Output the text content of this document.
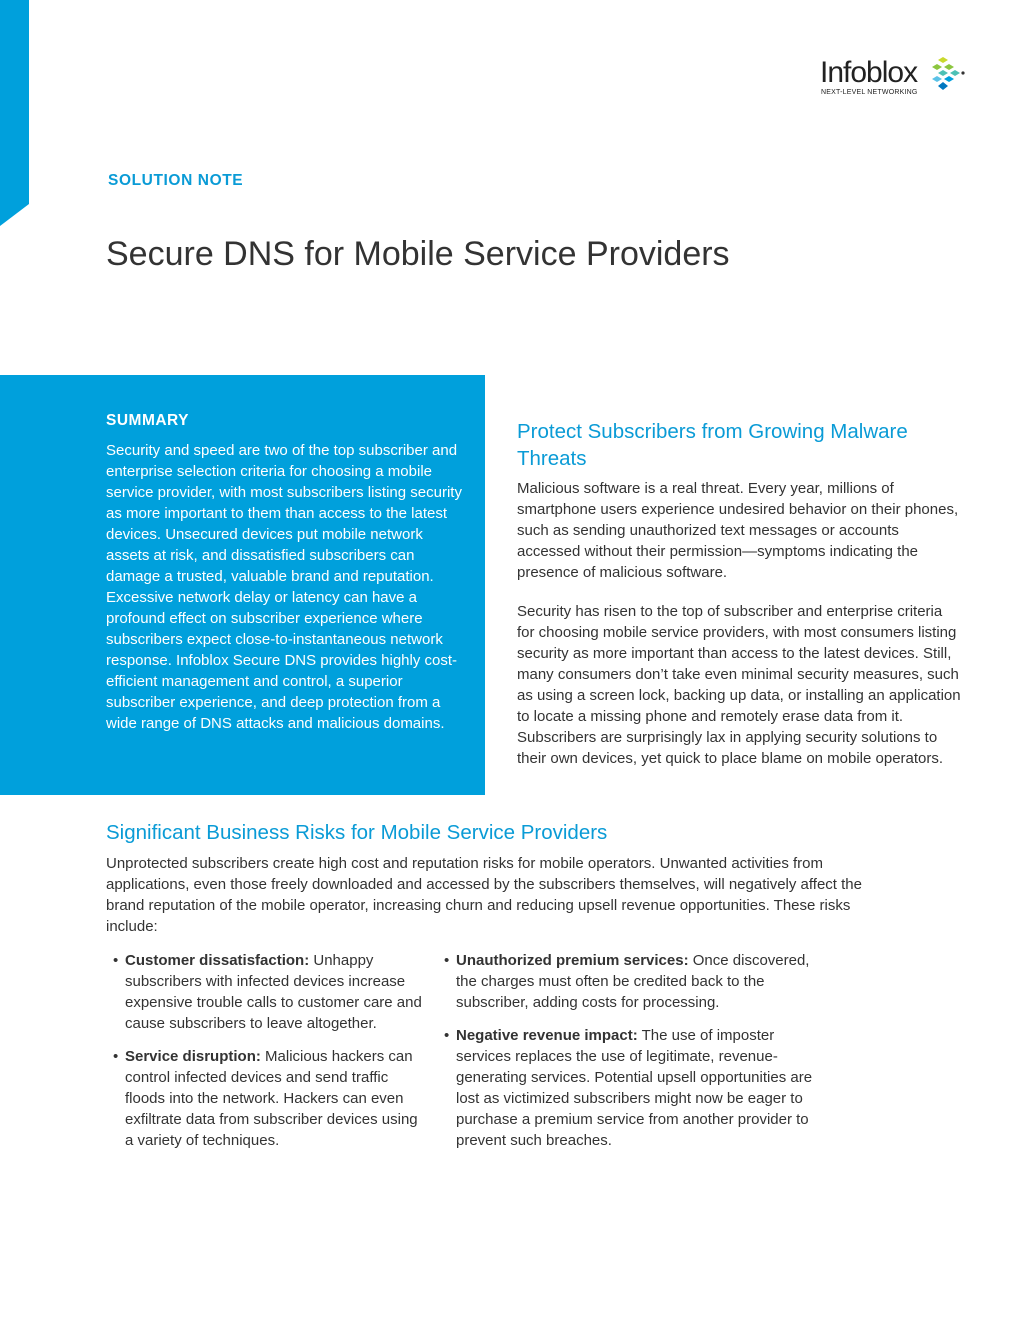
Infoblox
NEXT-LEVEL NETWORKING
SOLUTION NOTE
Secure DNS for Mobile Service Providers
SUMMARY

Security and speed are two of the top subscriber and enterprise selection criteria for choosing a mobile service provider, with most subscribers listing security as more important to them than access to the latest devices. Unsecured devices put mobile network assets at risk, and dissatisfied subscribers can damage a trusted, valuable brand and reputation. Excessive network delay or latency can have a profound effect on subscriber experience where subscribers expect close-to-instantaneous network response. Infoblox Secure DNS provides highly cost-efficient management and control, a superior subscriber experience, and deep protection from a wide range of DNS attacks and malicious domains.

Protect Subscribers from Growing Malware Threats

Malicious software is a real threat. Every year, millions of smartphone users experience undesired behavior on their phones, such as sending unauthorized text messages or accounts accessed without their permission—symptoms indicating the presence of malicious software.

Security has risen to the top of subscriber and enterprise criteria for choosing mobile service providers, with most consumers listing security as more important than access to the latest devices. Still, many consumers don’t take even minimal security measures, such as using a screen lock, backing up data, or installing an application to locate a missing phone and remotely erase data from it. Subscribers are surprisingly lax in applying security solutions to their own devices, yet quick to place blame on mobile operators.

Significant Business Risks for Mobile Service Providers

Unprotected subscribers create high cost and reputation risks for mobile operators. Unwanted activities from applications, even those freely downloaded and accessed by the subscribers themselves, will negatively affect the brand reputation of the mobile operator, increasing churn and reducing upsell revenue opportunities. These risks include:

• Customer dissatisfaction: Unhappy subscribers with infected devices increase expensive trouble calls to customer care and cause subscribers to leave altogether.
• Service disruption: Malicious hackers can control infected devices and send traffic floods into the network. Hackers can even exfiltrate data from subscriber devices using a variety of techniques.
• Unauthorized premium services: Once discovered, the charges must often be credited back to the subscriber, adding costs for processing.
• Negative revenue impact: The use of imposter services replaces the use of legitimate, revenue-generating services. Potential upsell opportunities are lost as victimized subscribers might now be eager to purchase a premium service from another provider to prevent such breaches.
